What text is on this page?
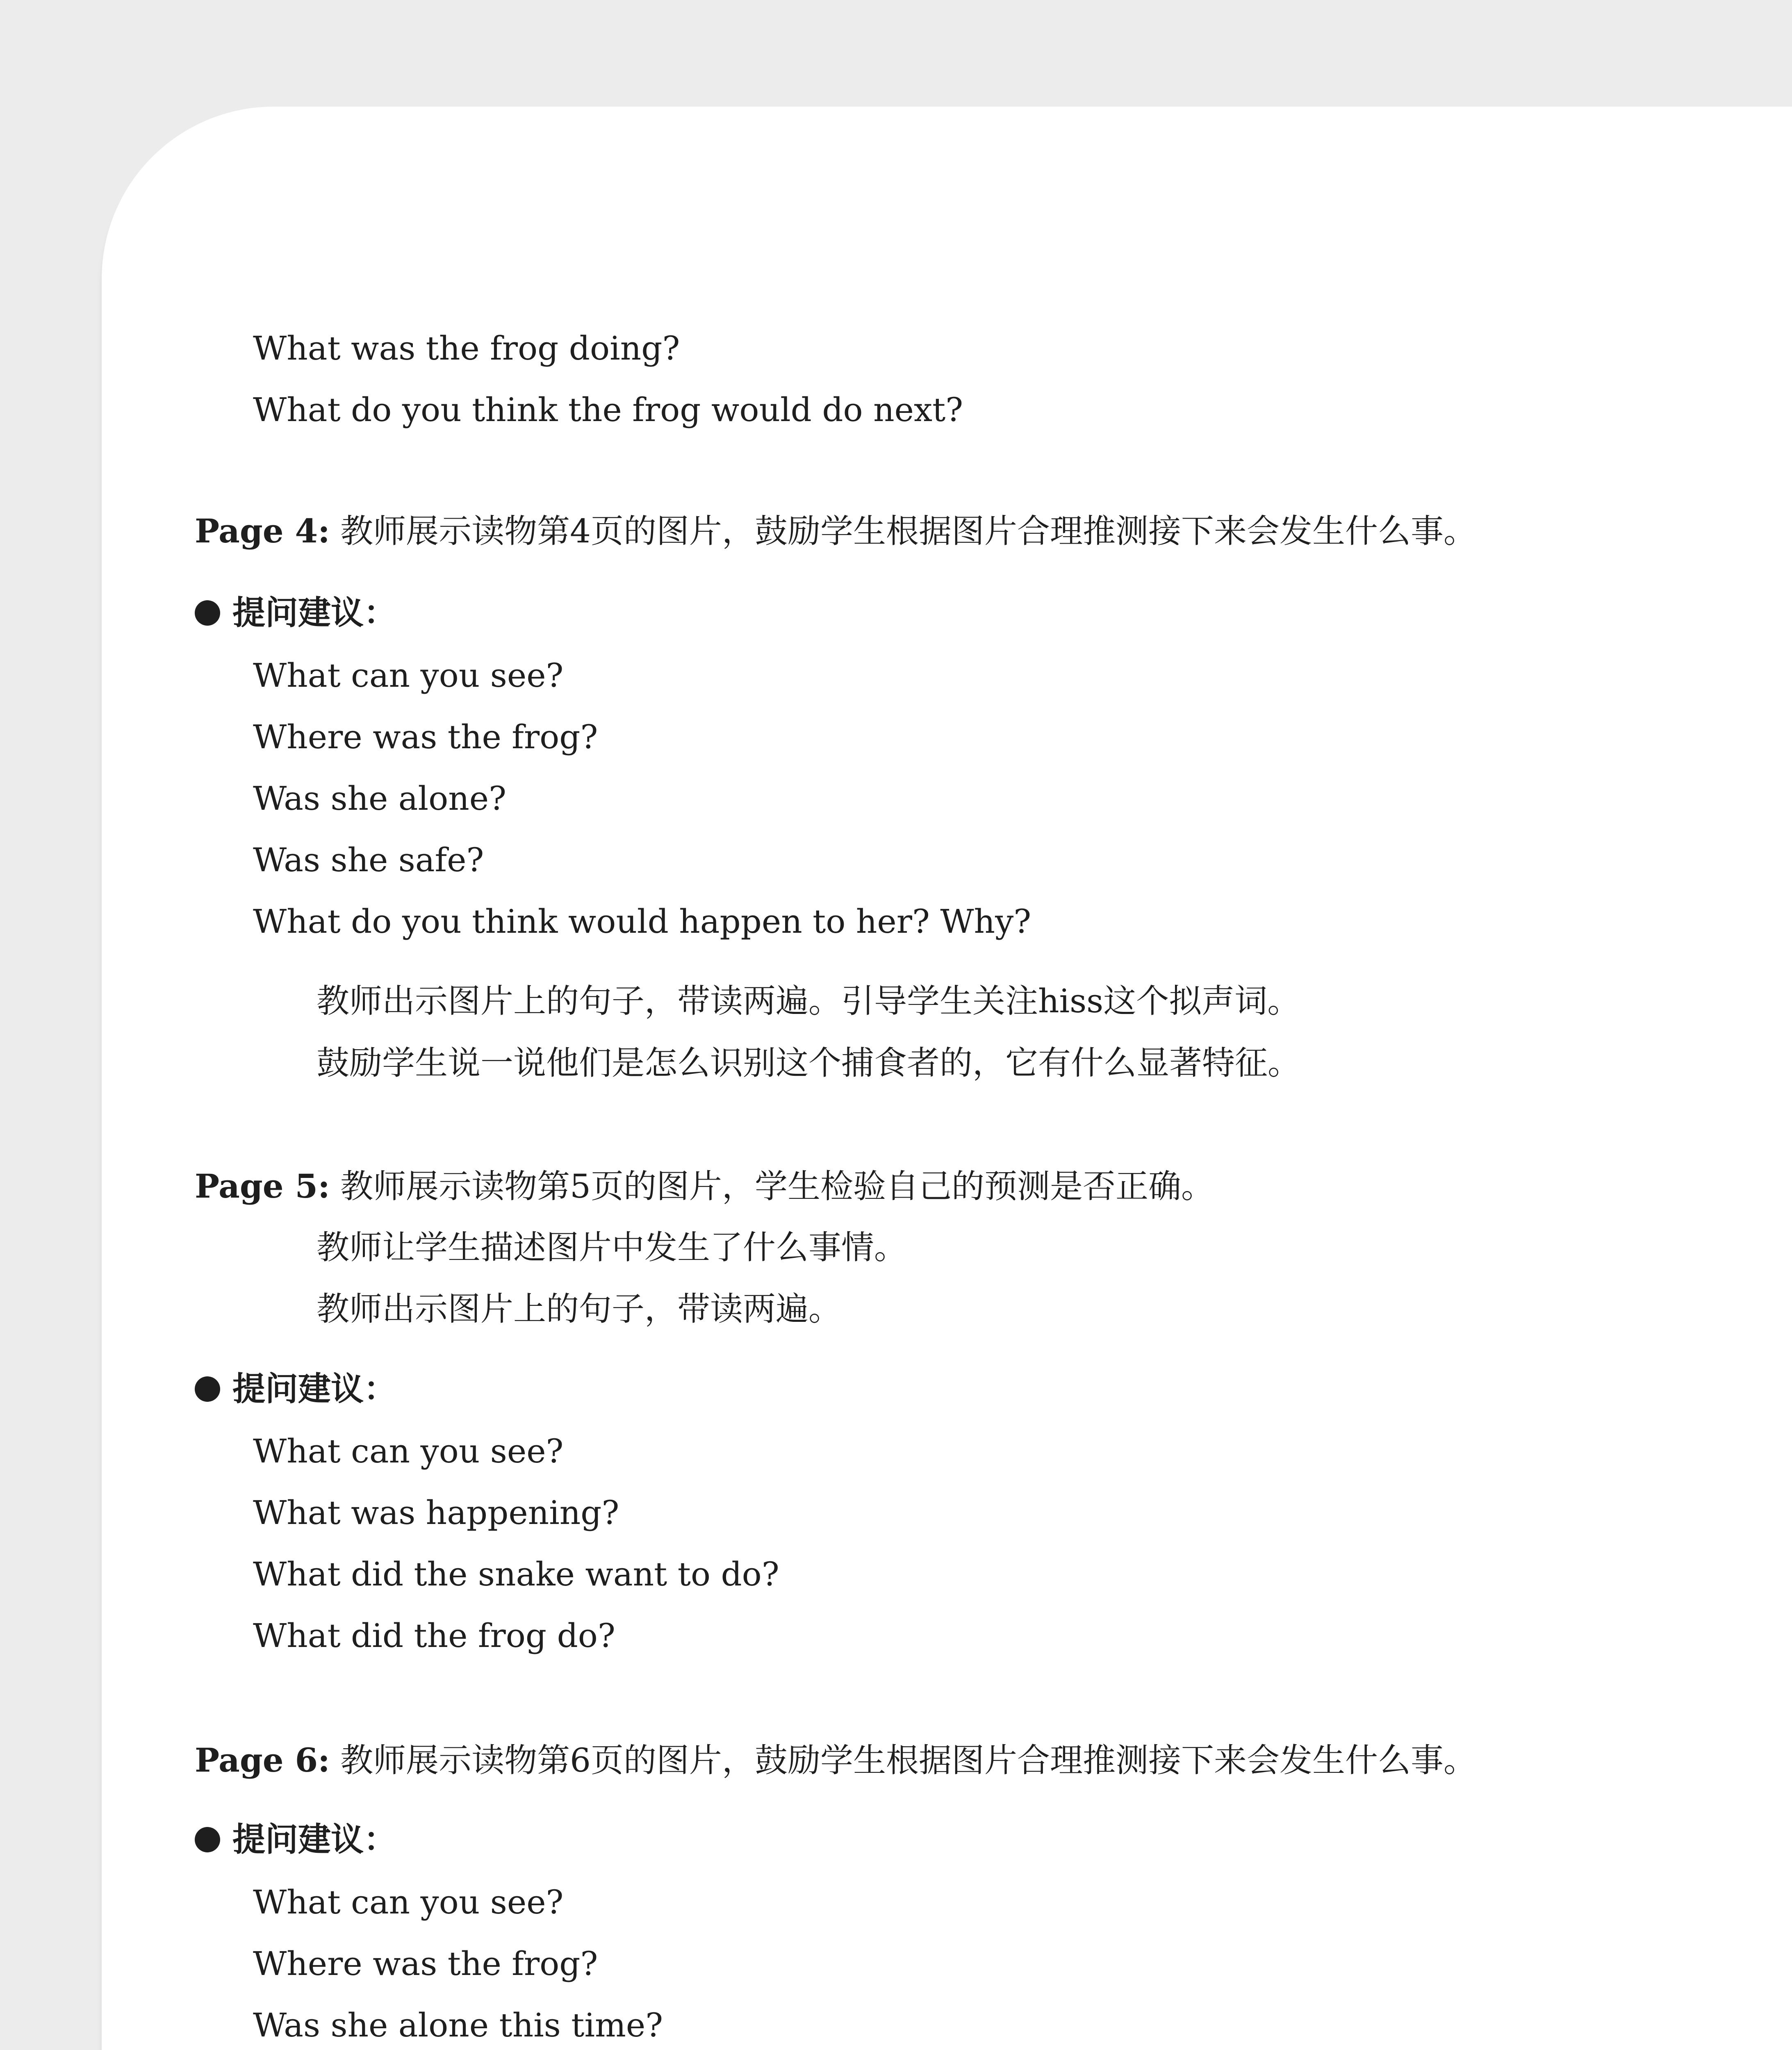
What was the frog doing?
What do you think the frog would do next?
Page 4: 教师展示读物第4页的图片，鼓励学生根据图片合理推测接下来会发生什么事。
提问建议：
What can you see?
Where was the frog?
Was she alone?
Was she safe?
What do you think would happen to her? Why?
教师出示图片上的句子，带读两遍。引导学生关注hiss这个拟声词。
鼓励学生说一说他们是怎么识别这个捕食者的，它有什么显著特征。
Page 5: 教师展示读物第5页的图片，学生检验自己的预测是否正确。
教师让学生描述图片中发生了什么事情。
教师出示图片上的句子，带读两遍。
提问建议：
What can you see?
What was happening?
What did the snake want to do?
What did the frog do?
Page 6: 教师展示读物第6页的图片，鼓励学生根据图片合理推测接下来会发生什么事。
提问建议：
What can you see?
Where was the frog?
Was she alone this time?
